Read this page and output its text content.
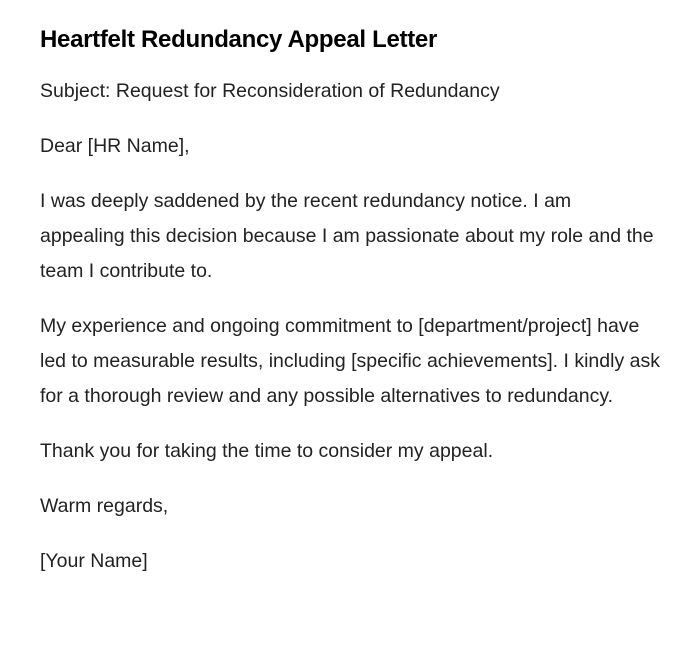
Heartfelt Redundancy Appeal Letter

Subject: Request for Reconsideration of Redundancy

Dear [HR Name],

I was deeply saddened by the recent redundancy notice. I am appealing this decision because I am passionate about my role and the team I contribute to.

My experience and ongoing commitment to [department/project] have led to measurable results, including [specific achievements]. I kindly ask for a thorough review and any possible alternatives to redundancy.

Thank you for taking the time to consider my appeal.

Warm regards,

[Your Name]
